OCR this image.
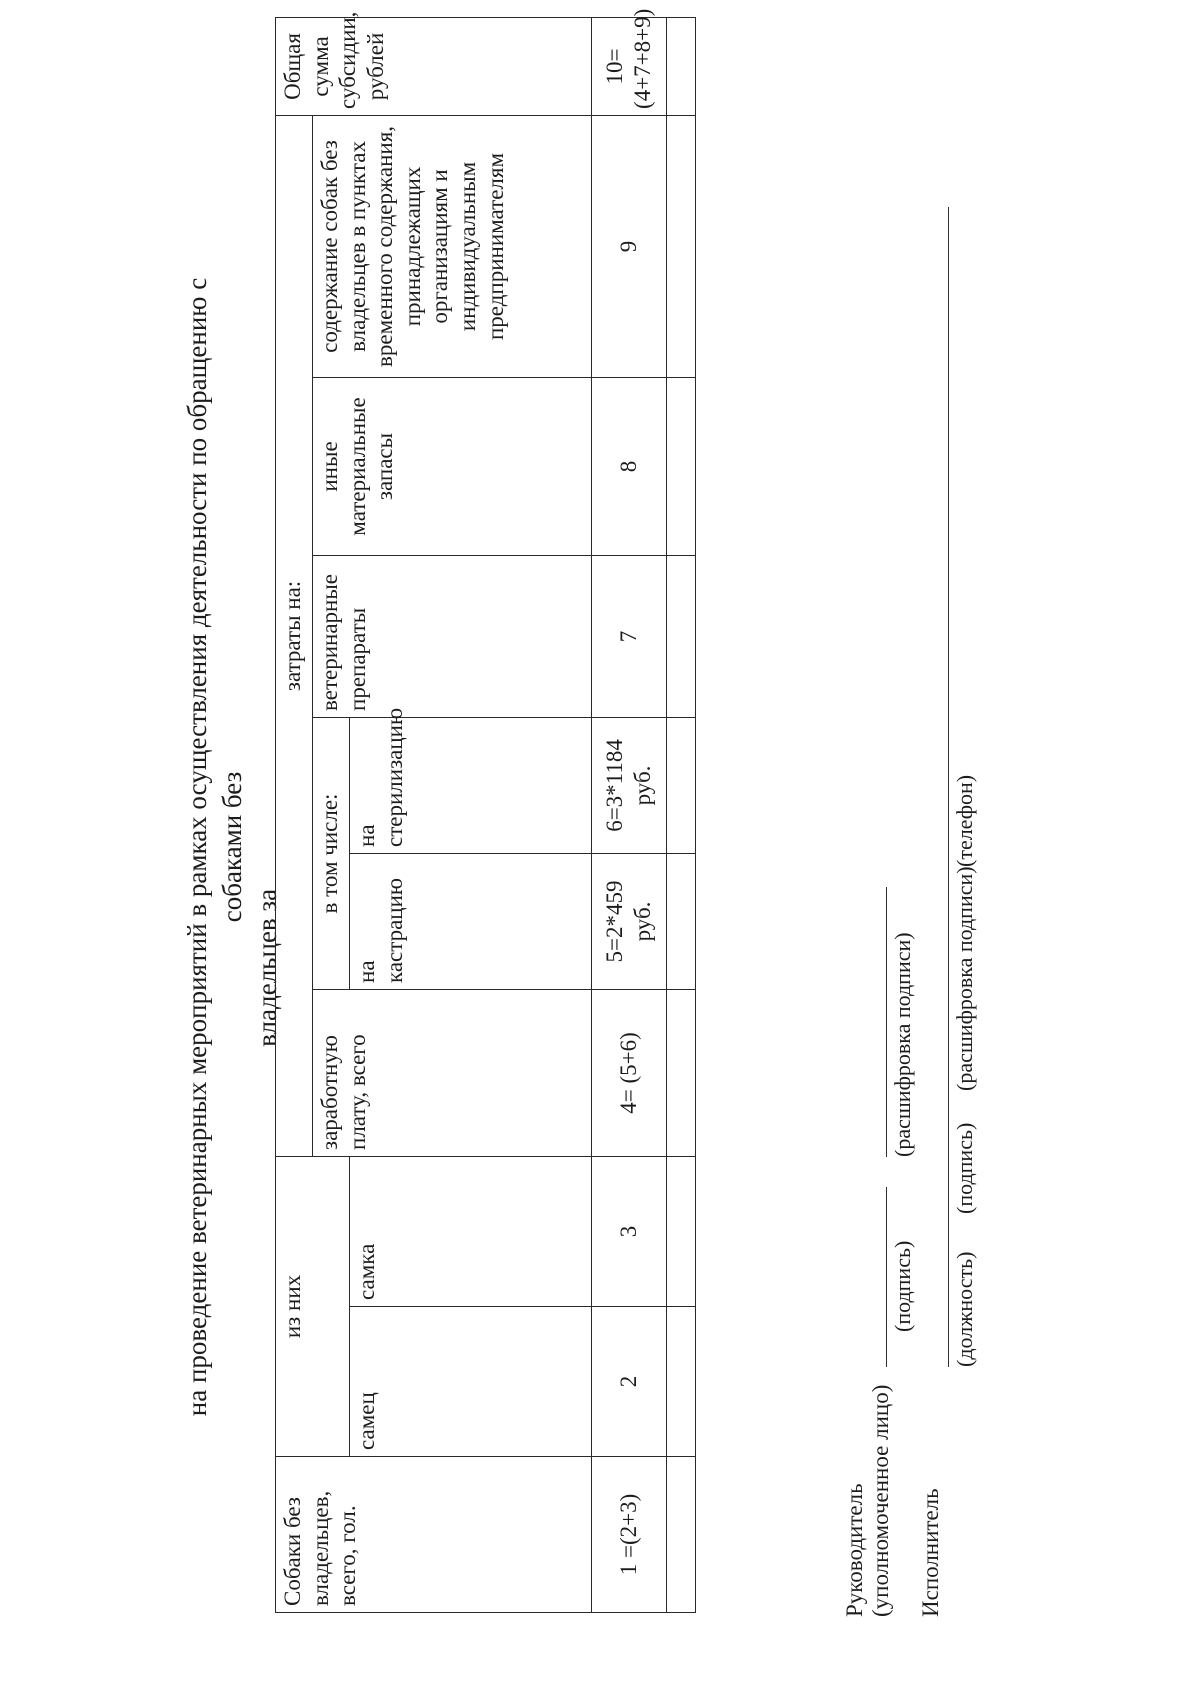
на проведение ветеринарных мероприятий в рамках осуществления деятельности по обращению с собаками без
владельцев за
Собаки без владельцев, всего, гол.	из них		затраты на:						Общая сумма субсидии, рублей
			заработную плату, всего	в том числе:		ветеринарные препараты	иные материальные запасы	содержание собак без владельцев в пунктах временного содержания, принадлежащих организациям и индивидуальным предпринимателям	
	самец	самка		на кастрацию	на стерилизацию				
1 =(2+3)	2	3	4= (5+6)	5=2*459 руб.	6=3*1184 руб.	7	8	9	10=(4+7+8+9)

Руководитель (уполномоченное лицо)
(подпись)
(расшифровка подписи)
Исполнитель
(должность)
(подпись)
(расшифровка подписи)
(телефон)
